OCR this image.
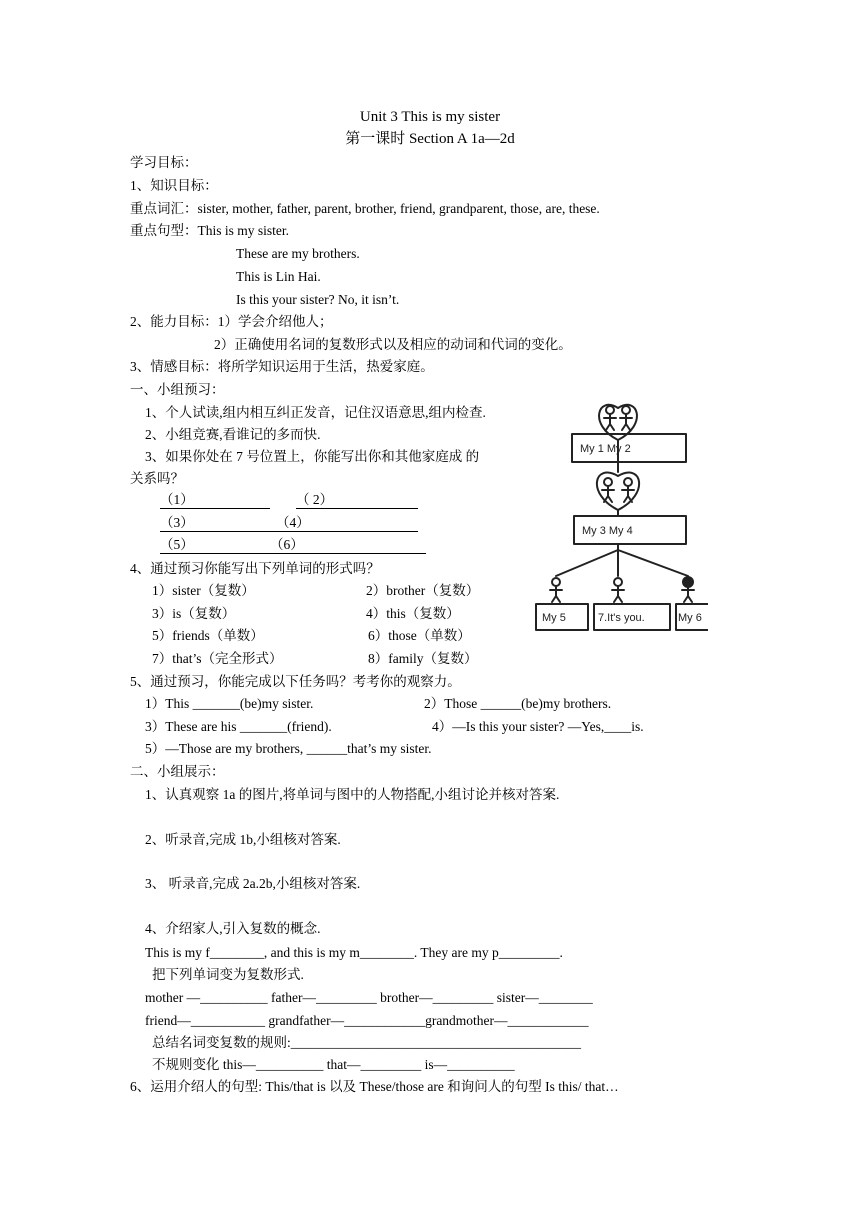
Unit 3 This is my sister
第一课时 Section A 1a—2d
学习目标：
1、知识目标：
重点词汇：sister, mother, father, parent, brother, friend, grandparent, those, are, these.
重点句型：This is my sister.
These are my brothers.
This is Lin Hai.
Is this your sister? No, it isn’t.
2、能力目标：1）学会介绍他人；
2）正确使用名词的复数形式以及相应的动词和代词的变化。
3、情感目标：将所学知识运用于生活，热爱家庭。
一、小组预习：
1、个人试读,组内相互纠正发音，记住汉语意思,组内检查.
2、小组竞赛,看谁记的多而快.
3、如果你处在 7 号位置上，你能写出你和其他家庭成 的
关系吗？
（1）	（ 2）
（3）	（4）
（5）	（6）
4、通过预习你能写出下列单词的形式吗？
1）sister（复数）	2）brother（复数）
3）is（复数）	4）this（复数）
5）friends（单数）	6）those（单数）
7）that’s（完全形式）	8）family（复数）
5、通过预习，你能完成以下任务吗？考考你的观察力。
1）This _______(be)my sister.	2）Those ______(be)my brothers.
3）These are his _______(friend).	4）—Is this your sister? —Yes,____is.
5）—Those are my brothers, ______that’s my sister.
二、小组展示：
1、认真观察 1a 的图片,将单词与图中的人物搭配,小组讨论并核对答案.
2、听录音,完成 1b,小组核对答案.
3、 听录音,完成 2a.2b,小组核对答案.
4、介绍家人,引入复数的概念.
This is my f________, and this is my m________. They are my p_________.
把下列单词变为复数形式.
mother —__________ father—_________ brother—_________ sister—________
friend—___________ grandfather—____________grandmother—____________
总结名词变复数的规则:___________________________________________
不规则变化 this—__________ that—_________ is—__________
6、运用介绍人的句型: This/that is 以及 These/those are 和询问人的句型 Is this/ that…
My 1 My 2
My 3 My 4
My 5	7.It's you.	My 6
